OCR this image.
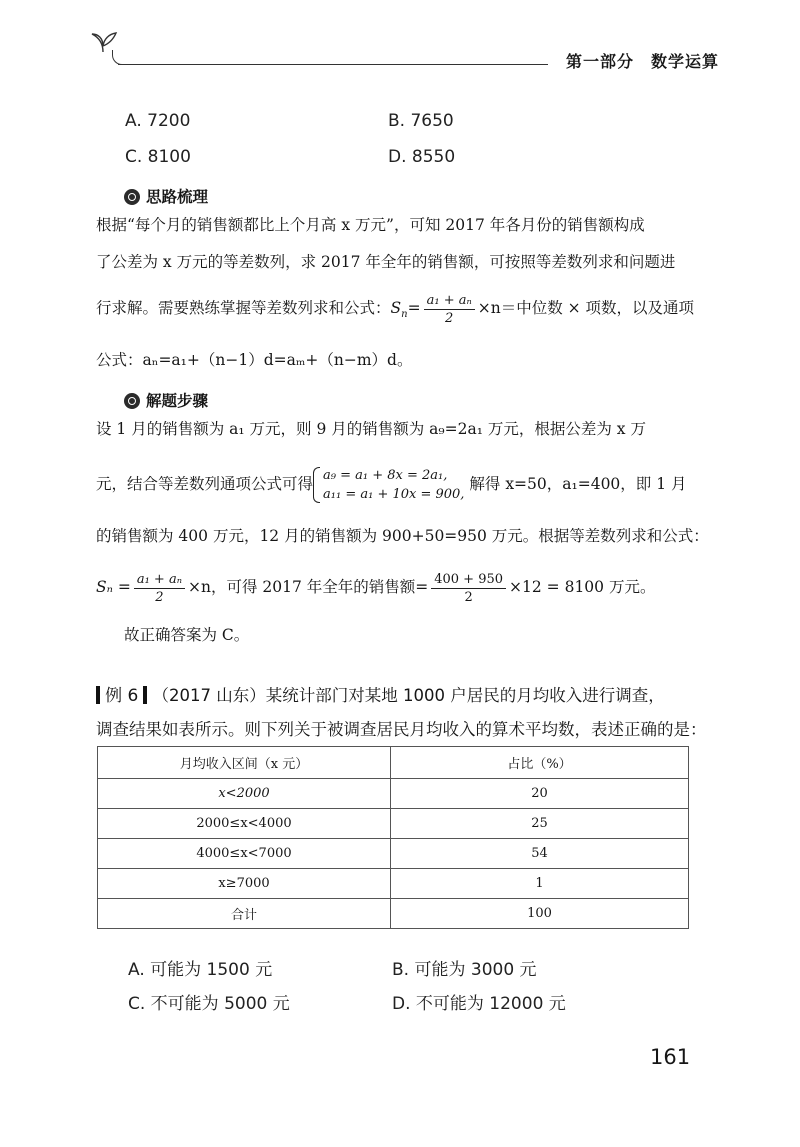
第一部分　数学运算
A. 7200	B. 7650
C. 8100	D. 8550
思路梳理
根据“每个月的销售额都比上个月高 x 万元”，可知 2017 年各月份的销售额构成
了公差为 x 万元的等差数列，求 2017 年全年的销售额，可按照等差数列求和问题进
行求解。需要熟练掌握等差数列求和公式：$S_n= \frac{\text{a₁ + aₙ}}{2} \times n=$中位数 × 项数，以及通项
公式：aₙ=a₁+（n−1）d=aₘ+（n−m）d。
解题步骤
设 1 月的销售额为 a₁ 万元，则 9 月的销售额为 a₉=2a₁ 万元，根据公差为 x 万
元，结合等差数列通项公式可得 a₉ = a₁ + 8x = 2a₁,
a₁₁ = a₁ + 10x = 900,
解得 x=50，a₁=400，即 1 月
的销售额为 400 万元，12 月的销售额为 900+50=950 万元。根据等差数列求和公式：
$S_n = \frac{\text{a₁ + aₙ}}{2} \times n$，可得 2017 年全年的销售额= $\frac{400 + 950}{2} \times 12 = 8100$ 万元。
故正确答案为 C。
例 6 （2017 山东）某统计部门对某地 1000 户居民的月均收入进行调查，
调查结果如表所示。则下列关于被调查居民月均收入的算术平均数，表述正确的是：
月均收入区间（x 元）	占比（%）
x<2000	20
2000≤x<4000	25
4000≤x<7000	54
x≥7000	1
合计	100
A. 可能为 1500 元	B. 可能为 3000 元
C. 不可能为 5000 元	D. 不可能为 12000 元
161
